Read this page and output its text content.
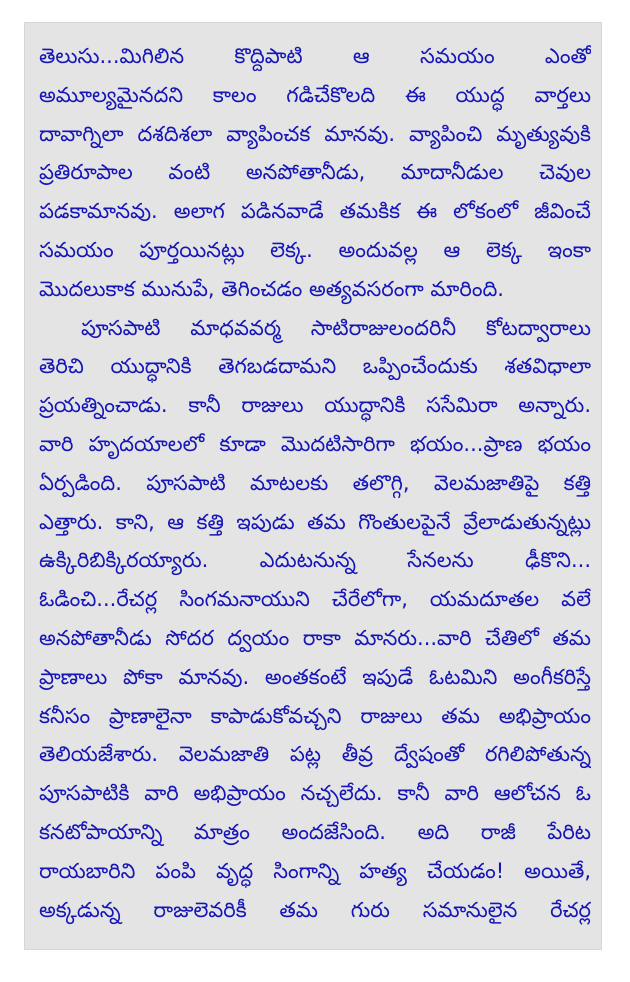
తెలుసు...మిగిలిన కొద్దిపాటి ఆ సమయం ఎంతో
అమూల్యమైనదని కాలం గడిచేకొలది ఈ యుద్ధ వార్తలు
దావాగ్నిలా దశదిశలా వ్యాపించక మానవు. వ్యాపించి మృత్యువుకి
ప్రతిరూపాల వంటి అనపోతానీడు, మాదానీడుల చెవుల
పడకామానవు. అలాగ పడినవాడే తమకిక ఈ లోకంలో జీవించే
సమయం పూర్తయినట్లు లెక్క. అందువల్ల ఆ లెక్క ఇంకా
మొదలుకాక మునుపే, తెగించడం అత్యవసరంగా మారింది.
పూసపాటి మాధవవర్మ సాటిరాజులందరినీ కోటద్వారాలు
తెరిచి యుద్ధానికి తెగబడదామని ఒప్పించేందుకు శతవిధాలా
ప్రయత్నించాడు. కానీ రాజులు యుద్ధానికి ససేమిరా అన్నారు.
వారి హృదయాలలో కూడా మొదటిసారిగా భయం...ప్రాణ భయం
ఏర్పడింది. పూసపాటి మాటలకు తలొగ్గి, వెలమజాతిపై కత్తి
ఎత్తారు. కాని, ఆ కత్తి ఇపుడు తమ గొంతులపైనే వ్రేలాడుతున్నట్లు
ఉక్కిరిబిక్కిరయ్యారు. ఎదుటనున్న సేనలను ఢీకొని...
ఓడించి...రేచర్ల సింగమనాయుని చేరేలోగా, యమదూతల వలే
అనపోతానీడు సోదర ద్వయం రాకా మానరు...వారి చేతిలో తమ
ప్రాణాలు పోకా మానవు. అంతకంటే ఇపుడే ఓటమిని అంగీకరిస్తే
కనీసం ప్రాణాలైనా కాపాడుకోవచ్చని రాజులు తమ అభిప్రాయం
తెలియజేశారు. వెలమజాతి పట్ల తీవ్ర ద్వేషంతో రగిలిపోతున్న
పూసపాటికి వారి అభిప్రాయం నచ్చలేదు. కానీ వారి ఆలోచన ఓ
కనటోపాయాన్ని మాత్రం అందజేసింది. అది రాజీ పేరిట
రాయబారిని పంపి వృద్ధ సింగాన్ని హత్య చేయడం! అయితే,
అక్కడున్న రాజులెవరికీ తమ గురు సమానులైన రేచర్ల
